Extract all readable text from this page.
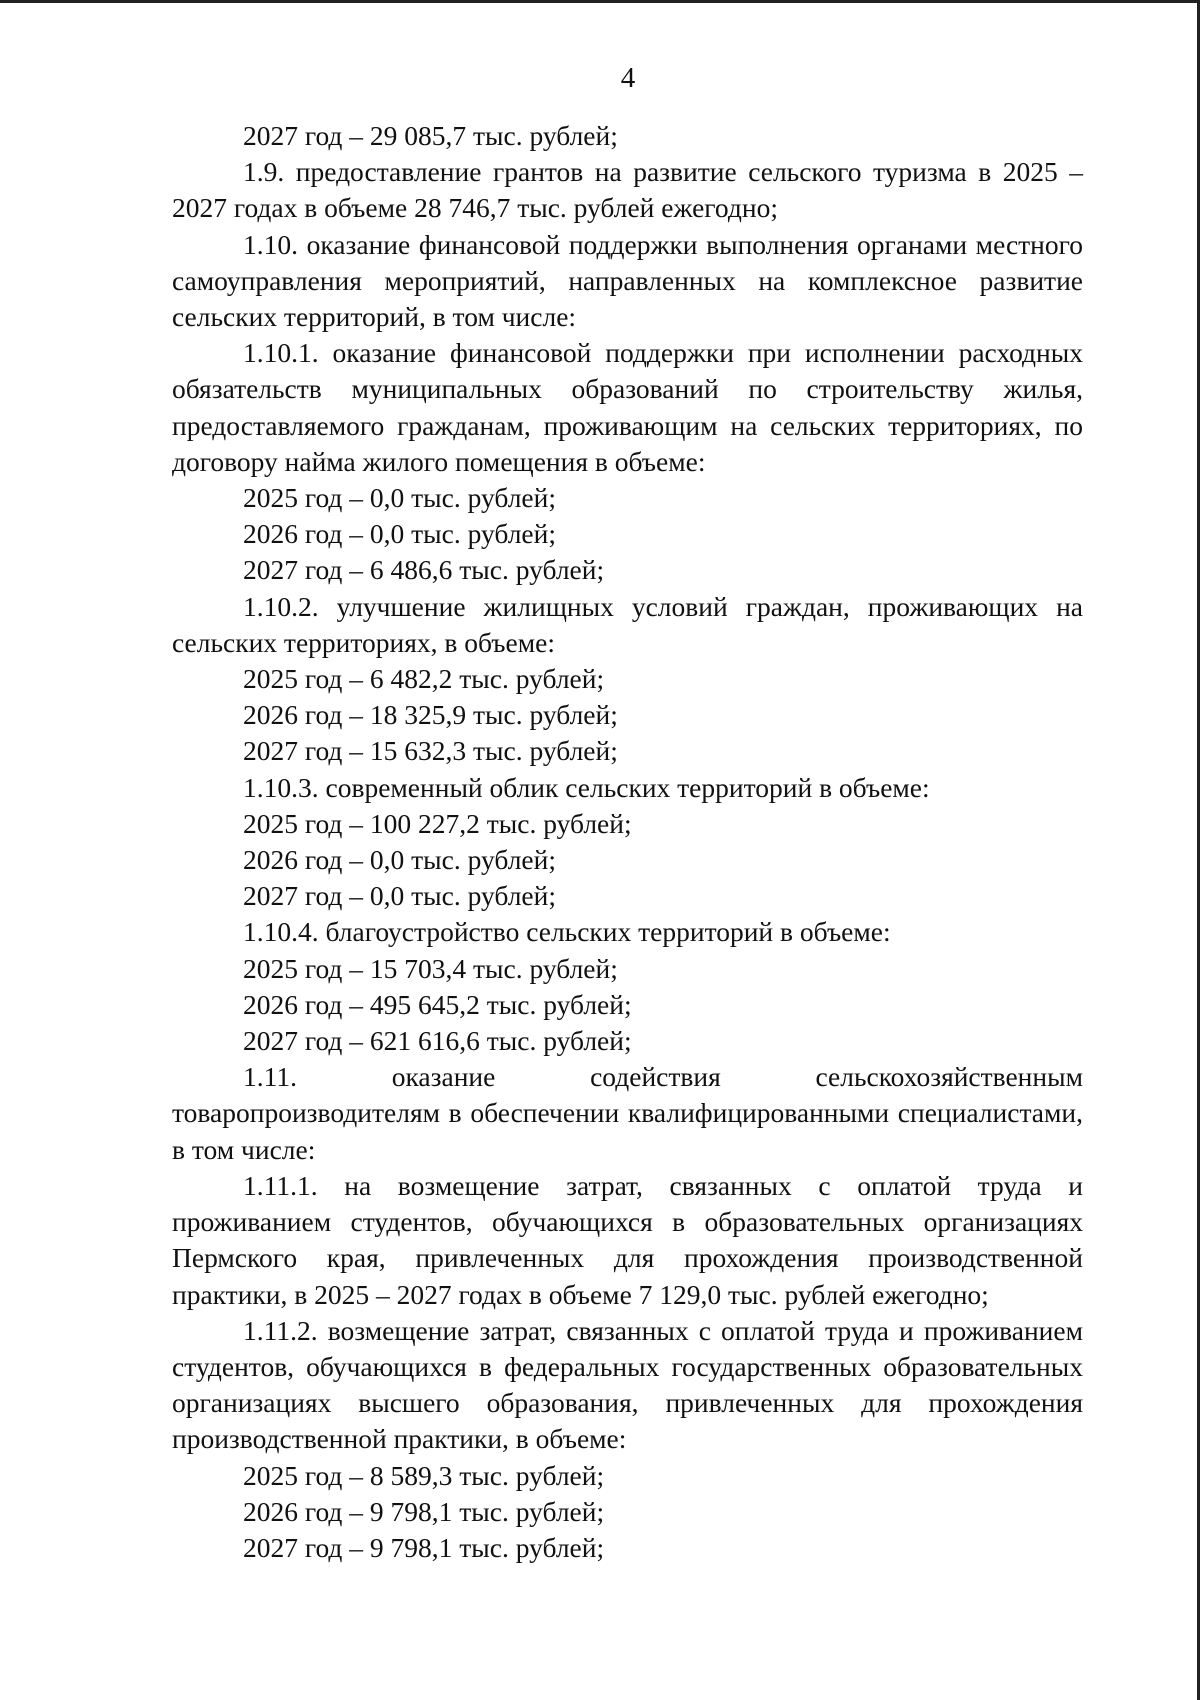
4

2027 год – 29 085,7 тыс. рублей;

1.9. предоставление грантов на развитие сельского туризма в 2025 – 2027 годах в объеме 28 746,7 тыс. рублей ежегодно;

1.10. оказание финансовой поддержки выполнения органами местного самоуправления мероприятий, направленных на комплексное развитие сельских территорий, в том числе:

1.10.1. оказание финансовой поддержки при исполнении расходных обязательств муниципальных образований по строительству жилья, предоставляемого гражданам, проживающим на сельских территориях, по договору найма жилого помещения в объеме:

2025 год – 0,0 тыс. рублей;

2026 год – 0,0 тыс. рублей;

2027 год – 6 486,6 тыс. рублей;

1.10.2. улучшение жилищных условий граждан, проживающих на сельских территориях, в объеме:

2025 год – 6 482,2 тыс. рублей;

2026 год – 18 325,9 тыс. рублей;

2027 год – 15 632,3 тыс. рублей;

1.10.3. современный облик сельских территорий в объеме:

2025 год – 100 227,2 тыс. рублей;

2026 год – 0,0 тыс. рублей;

2027 год – 0,0 тыс. рублей;

1.10.4. благоустройство сельских территорий в объеме:

2025 год – 15 703,4 тыс. рублей;

2026 год – 495 645,2 тыс. рублей;

2027 год – 621 616,6 тыс. рублей;

1.11. оказание содействия сельскохозяйственным товаропроизводителям в обеспечении квалифицированными специалистами, в том числе:

1.11.1. на возмещение затрат, связанных с оплатой труда и проживанием студентов, обучающихся в образовательных организациях Пермского края, привлеченных для прохождения производственной практики, в 2025 – 2027 годах в объеме 7 129,0 тыс. рублей ежегодно;

1.11.2. возмещение затрат, связанных с оплатой труда и проживанием студентов, обучающихся в федеральных государственных образовательных организациях высшего образования, привлеченных для прохождения производственной практики, в объеме:

2025 год – 8 589,3 тыс. рублей;

2026 год – 9 798,1 тыс. рублей;

2027 год – 9 798,1 тыс. рублей;
